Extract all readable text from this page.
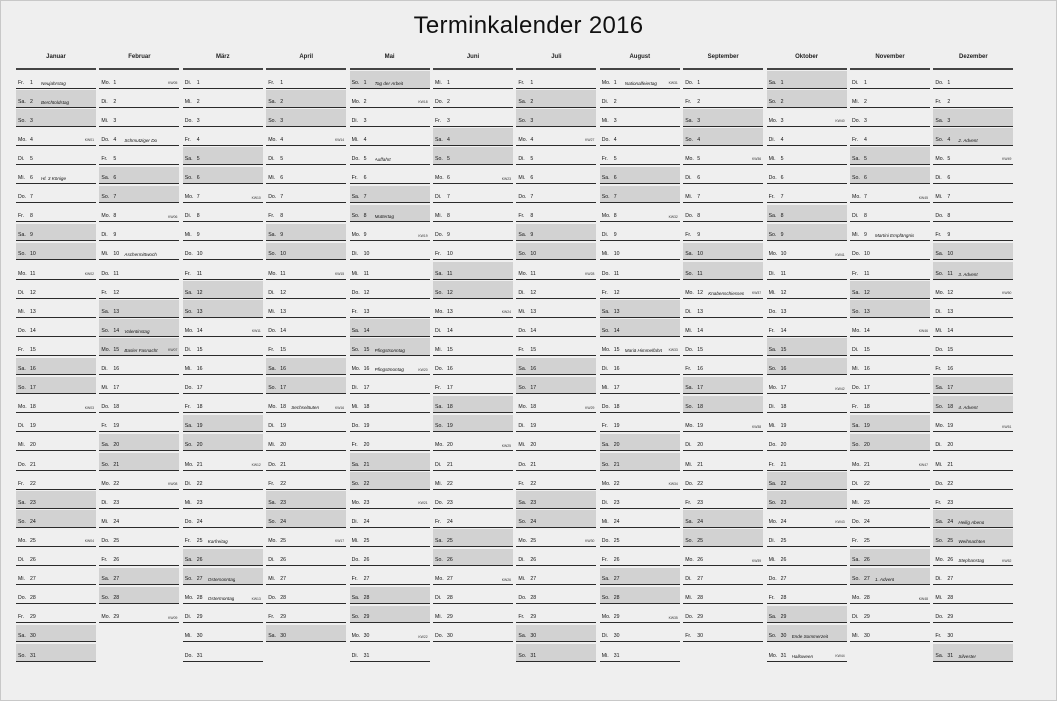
Terminkalender 2016
Januar
Fr. 1	Neujahrstag
Sa. 2	Berchtoldstag
So. 3
Mo. 4	KW01
Di. 5
Mi. 6	Hl. 3 Könige
Do. 7
Fr. 8
Sa. 9
So. 10
Mo. 11	KW02
Di. 12
Mi. 13
Do. 14
Fr. 15
Sa. 16
So. 17
Mo. 18	KW03
Di. 19
Mi. 20
Do. 21
Fr. 22
Sa. 23
So. 24
Mo. 25	KW04
Di. 26
Mi. 27
Do. 28
Fr. 29
Sa. 30
So. 31
Februar
Mo. 1	KW05
Di. 2
Mi. 3
Do. 4	Schmutziger Do
Fr. 5
Sa. 6
So. 7
Mo. 8	KW06
Di. 9
Mi. 10	Aschermittwoch
Do. 11
Fr. 12
Sa. 13
So. 14	Valentinstag
Mo. 15	Basler Fasnacht	KW07
Di. 16
Mi. 17
Do. 18
Fr. 19
Sa. 20
So. 21
Mo. 22	KW08
Di. 23
Mi. 24
Do. 25
Fr. 26
Sa. 27
So. 28
Mo. 29	KW09
März
Di. 1
Mi. 2
Do. 3
Fr. 4
Sa. 5
So. 6
Mo. 7	KW10
Di. 8
Mi. 9
Do. 10
Fr. 11
Sa. 12
So. 13
Mo. 14	KW11
Di. 15
Mi. 16
Do. 17
Fr. 18
Sa. 19
So. 20
Mo. 21	KW12
Di. 22
Mi. 23
Do. 24
Fr. 25	Karfreitag
Sa. 26
So. 27	Ostersonntag
Mo. 28	Ostermontag	KW13
Di. 29
Mi. 30
Do. 31
April
Fr. 1
Sa. 2
So. 3
Mo. 4	KW14
Di. 5
Mi. 6
Do. 7
Fr. 8
Sa. 9
So. 10
Mo. 11	KW15
Di. 12
Mi. 13
Do. 14
Fr. 15
Sa. 16
So. 17
Mo. 18	Sechseläuten	KW16
Di. 19
Mi. 20
Do. 21
Fr. 22
Sa. 23
So. 24
Mo. 25	KW17
Di. 26
Mi. 27
Do. 28
Fr. 29
Sa. 30
Mai
So. 1	Tag der Arbeit
Mo. 2	KW18
Di. 3
Mi. 4
Do. 5	Auffahrt
Fr. 6
Sa. 7
So. 8	Muttertag
Mo. 9	KW19
Di. 10
Mi. 11
Do. 12
Fr. 13
Sa. 14
So. 15	Pfingstsonntag
Mo. 16	Pfingstmontag	KW20
Di. 17
Mi. 18
Do. 19
Fr. 20
Sa. 21
So. 22
Mo. 23	KW21
Di. 24
Mi. 25
Do. 26
Fr. 27
Sa. 28
So. 29
Mo. 30	KW22
Di. 31
Juni
Mi. 1
Do. 2
Fr. 3
Sa. 4
So. 5
Mo. 6	KW23
Di. 7
Mi. 8
Do. 9
Fr. 10
Sa. 11
So. 12
Mo. 13	KW24
Di. 14
Mi. 15
Do. 16
Fr. 17
Sa. 18
So. 19
Mo. 20	KW25
Di. 21
Mi. 22
Do. 23
Fr. 24
Sa. 25
So. 26
Mo. 27	KW26
Di. 28
Mi. 29
Do. 30
Juli
Fr. 1
Sa. 2
So. 3
Mo. 4	KW27
Di. 5
Mi. 6
Do. 7
Fr. 8
Sa. 9
So. 10
Mo. 11	KW28
Di. 12
Mi. 13
Do. 14
Fr. 15
Sa. 16
So. 17
Mo. 18	KW29
Di. 19
Mi. 20
Do. 21
Fr. 22
Sa. 23
So. 24
Mo. 25	KW30
Di. 26
Mi. 27
Do. 28
Fr. 29
Sa. 30
So. 31
August
Mo. 1	Nationalfeiertag	KW31
Di. 2
Mi. 3
Do. 4
Fr. 5
Sa. 6
So. 7
Mo. 8	KW32
Di. 9
Mi. 10
Do. 11
Fr. 12
Sa. 13
So. 14
Mo. 15	Mariä Himmelfahrt KW33
Di. 16
Mi. 17
Do. 18
Fr. 19
Sa. 20
So. 21
Mo. 22	KW34
Di. 23
Mi. 24
Do. 25
Fr. 26
Sa. 27
So. 28
Mo. 29	KW35
Di. 30
Mi. 31
September
Do. 1
Fr. 2
Sa. 3
So. 4
Mo. 5	KW36
Di. 6
Mi. 7
Do. 8
Fr. 9
Sa. 10
So. 11
Mo. 12	Knabenschiessen KW37
Di. 13
Mi. 14
Do. 15
Fr. 16
Sa. 17
So. 18
Mo. 19	KW38
Di. 20
Mi. 21
Do. 22
Fr. 23
Sa. 24
So. 25
Mo. 26	KW39
Di. 27
Mi. 28
Do. 29
Fr. 30
Oktober
Sa. 1
So. 2
Mo. 3	KW40
Di. 4
Mi. 5
Do. 6
Fr. 7
Sa. 8
So. 9
Mo. 10	KW41
Di. 11
Mi. 12
Do. 13
Fr. 14
Sa. 15
So. 16
Mo. 17	KW42
Di. 18
Mi. 19
Do. 20
Fr. 21
Sa. 22
So. 23
Mo. 24	KW43
Di. 25
Mi. 26
Do. 27
Fr. 28
Sa. 29
So. 30	Ende Sommerzeit
Mo. 31	Halloween	KW44
November
Di. 1
Mi. 2
Do. 3
Fr. 4
Sa. 5
So. 6
Mo. 7	KW45
Di. 8
Mi. 9	Martini Empfängnis
Do. 10
Fr. 11
Sa. 12
So. 13
Mo. 14	KW46
Di. 15
Mi. 16
Do. 17
Fr. 18
Sa. 19
So. 20
Mo. 21	KW47
Di. 22
Mi. 23
Do. 24
Fr. 25
Sa. 26
So. 27	1. Advent
Mo. 28	KW48
Di. 29
Mi. 30
Dezember
Do. 1
Fr. 2
Sa. 3
So. 4	2. Advent
Mo. 5	KW49
Di. 6
Mi. 7
Do. 8
Fr. 9
Sa. 10
So. 11	3. Advent
Mo. 12	KW50
Di. 13
Mi. 14
Do. 15
Fr. 16
Sa. 17
So. 18	4. Advent
Mo. 19	KW51
Di. 20
Mi. 21
Do. 22
Fr. 23
Sa. 24	Heilig Abend
So. 25	Weihnachten
Mo. 26	Stephanstag	KW52
Di. 27
Mi. 28
Do. 29
Fr. 30
Sa. 31	Silvester
